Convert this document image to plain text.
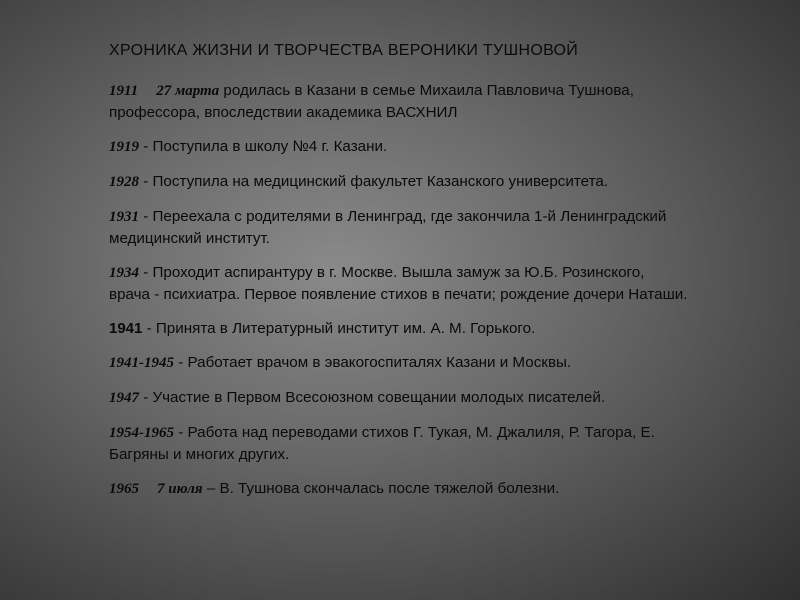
ХРОНИКА ЖИЗНИ И ТВОРЧЕСТВА ВЕРОНИКИ ТУШНОВОЙ
1911 27 марта родилась в Казани в семье Михаила Павловича Тушнова, профессора, впоследствии академика ВАСХНИЛ
1919 - Поступила в школу №4 г. Казани.
1928 - Поступила на медицинский факультет Казанского университета.
1931 - Переехала с родителями в Ленинград, где закончила 1-й Ленинградский медицинский институт.
1934 - Проходит аспирантуру в г. Москве. Вышла замуж за Ю.Б. Розинского, врача - психиатра. Первое появление стихов в печати; рождение дочери Наташи.
1941 - Принята в Литературный институт им. А. М. Горького.
1941-1945 - Работает врачом в эвакогоспиталях Казани и Москвы.
1947 - Участие в Первом Всесоюзном совещании молодых писателей.
1954-1965 - Работа над переводами стихов Г. Тукая, М. Джалиля, Р. Тагора, Е. Багряны и многих других.
1965 7 июля – В. Тушнова скончалась после тяжелой болезни.
